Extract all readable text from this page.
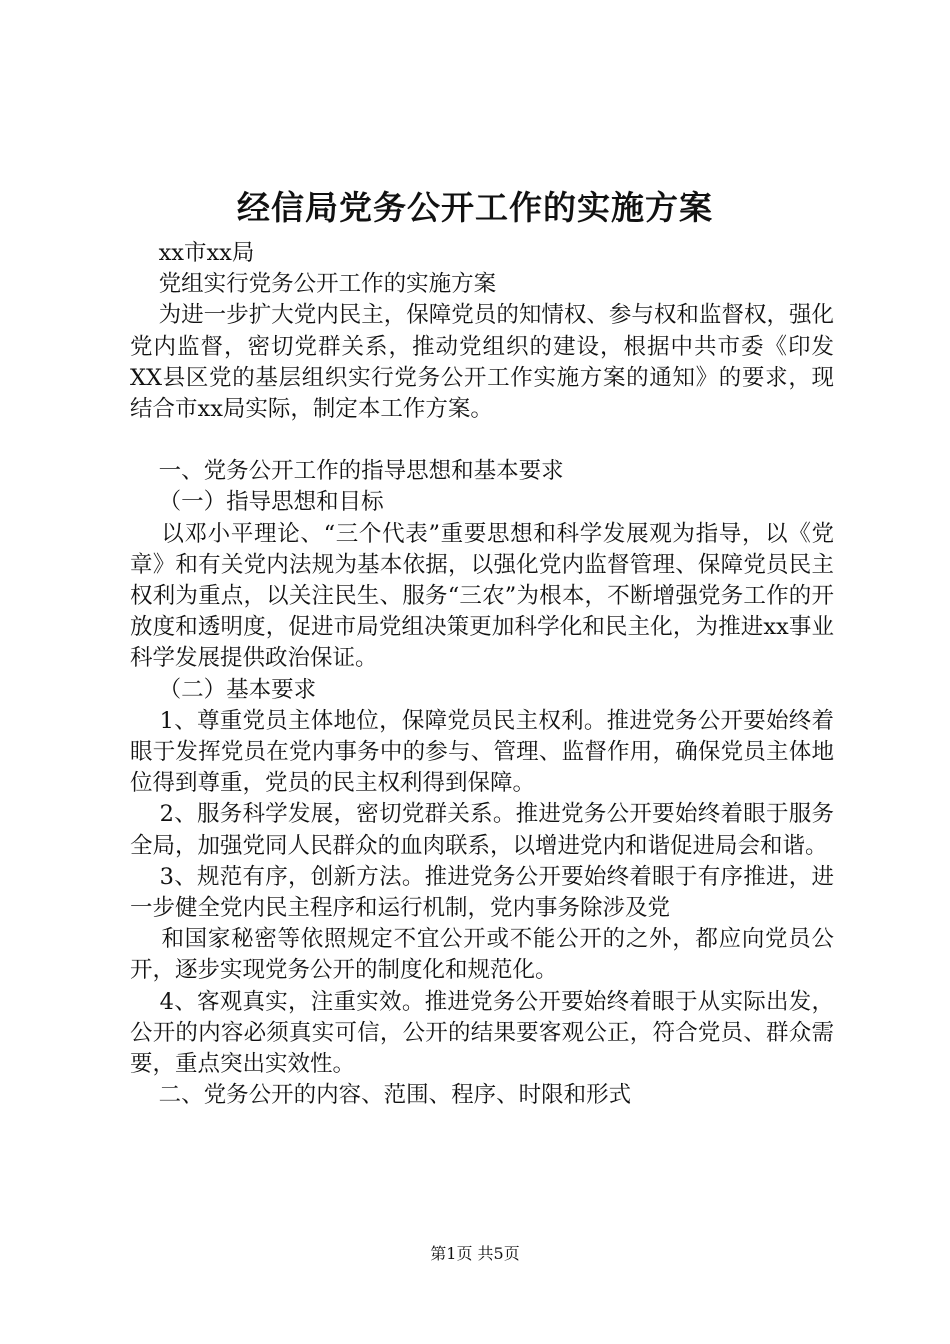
经信局党务公开工作的实施方案

xx市xx局

党组实行党务公开工作的实施方案

为进一步扩大党内民主，保障党员的知情权、参与权和监督权，强化党内监督，密切党群关系，推动党组织的建设，根据中共市委《印发XX县区党的基层组织实行党务公开工作实施方案的通知》的要求，现结合市xx局实际，制定本工作方案。

一、党务公开工作的指导思想和基本要求

（一）指导思想和目标

以邓小平理论、“三个代表”重要思想和科学发展观为指导，以《党章》和有关党内法规为基本依据，以强化党内监督管理、保障党员民主权利为重点，以关注民生、服务“三农”为根本，不断增强党务工作的开放度和透明度，促进市局党组决策更加科学化和民主化，为推进xx事业科学发展提供政治保证。

（二）基本要求

1、尊重党员主体地位，保障党员民主权利。推进党务公开要始终着眼于发挥党员在党内事务中的参与、管理、监督作用，确保党员主体地位得到尊重，党员的民主权利得到保障。

2、服务科学发展，密切党群关系。推进党务公开要始终着眼于服务全局，加强党同人民群众的血肉联系，以增进党内和谐促进局会和谐。

3、规范有序，创新方法。推进党务公开要始终着眼于有序推进，进一步健全党内民主程序和运行机制，党内事务除涉及党

和国家秘密等依照规定不宜公开或不能公开的之外，都应向党员公开，逐步实现党务公开的制度化和规范化。

4、客观真实，注重实效。推进党务公开要始终着眼于从实际出发，公开的内容必须真实可信，公开的结果要客观公正，符合党员、群众需要，重点突出实效性。

二、党务公开的内容、范围、程序、时限和形式

第1页 共5页
